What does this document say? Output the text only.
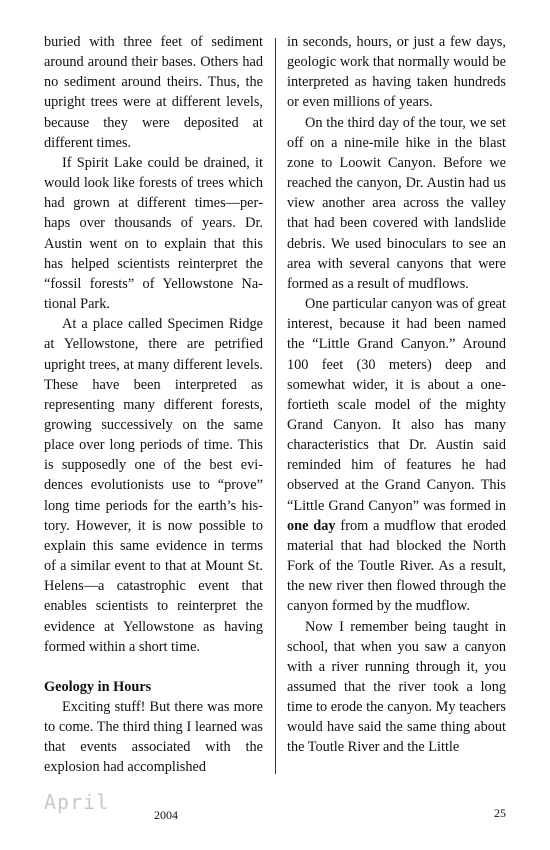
buried with three feet of sediment around around their bases. Others had no sediment around theirs. Thus, the upright trees were at different levels, because they were deposited at different times.

If Spirit Lake could be drained, it would look like forests of trees which had grown at different times—perhaps over thousands of years. Dr. Austin went on to explain that this has helped scientists reinterpret the “fossil forests” of Yellowstone National Park.

At a place called Specimen Ridge at Yellowstone, there are petrified upright trees, at many different levels. These have been interpreted as representing many different forests, growing successively on the same place over long periods of time. This is supposedly one of the best evidences evolutionists use to “prove” long time periods for the earth’s history. However, it is now possible to explain this same evidence in terms of a similar event to that at Mount St. Helens—a catastrophic event that enables scientists to reinterpret the evidence at Yellowstone as having formed within a short time.

Geology in Hours

Exciting stuff! But there was more to come. The third thing I learned was that events associated with the explosion had accomplished

in seconds, hours, or just a few days, geologic work that normally would be interpreted as having taken hundreds or even millions of years.

On the third day of the tour, we set off on a nine-mile hike in the blast zone to Loowit Canyon. Before we reached the canyon, Dr. Austin had us view another area across the valley that had been covered with landslide debris. We used binoculars to see an area with several canyons that were formed as a result of mudflows.

One particular canyon was of great interest, because it had been named the “Little Grand Canyon.” Around 100 feet (30 meters) deep and somewhat wider, it is about a one-fortieth scale model of the mighty Grand Canyon. It also has many characteristics that Dr. Austin said reminded him of features he had observed at the Grand Canyon. This “Little Grand Canyon” was formed in one day from a mudflow that eroded material that had blocked the North Fork of the Toutle River. As a result, the new river then flowed through the canyon formed by the mudflow.

Now I remember being taught in school, that when you saw a canyon with a river running through it, you assumed that the river took a long time to erode the canyon. My teachers would have said the same thing about the Toutle River and the Little

April
2004	25
